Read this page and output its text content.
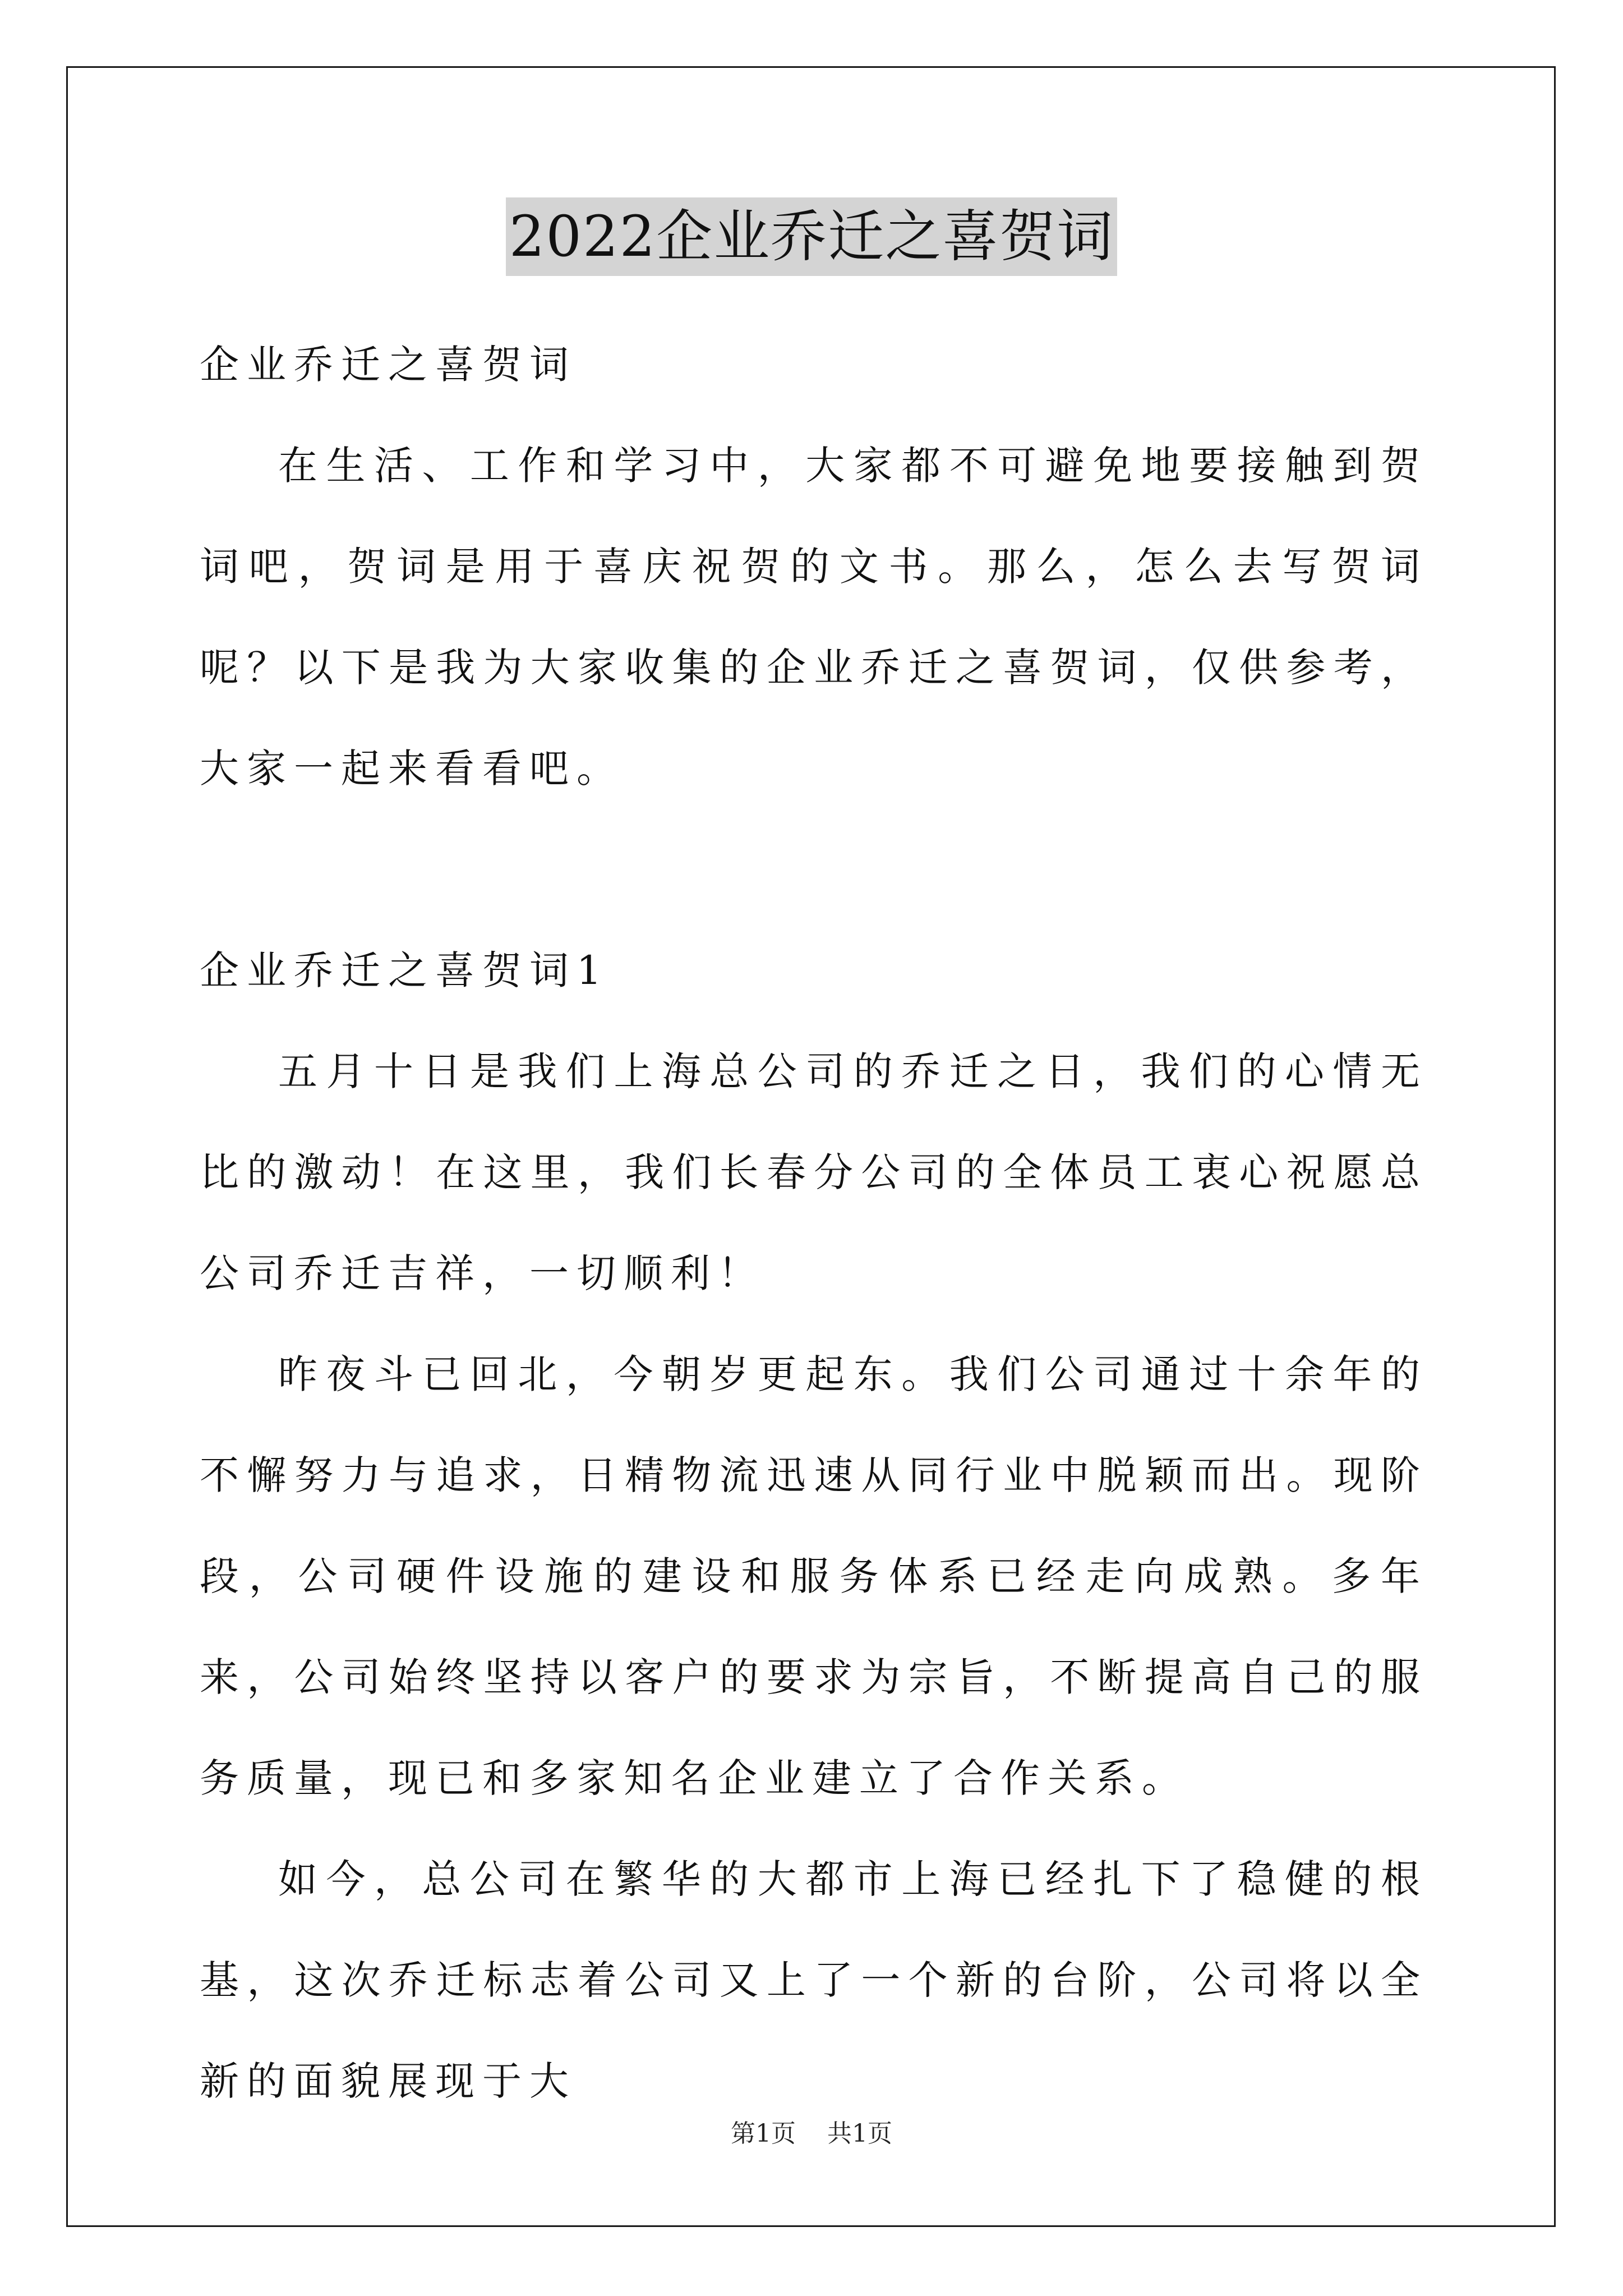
2022企业乔迁之喜贺词

企业乔迁之喜贺词

在生活、工作和学习中，大家都不可避免地要接触到贺词吧，贺词是用于喜庆祝贺的文书。那么，怎么去写贺词呢？以下是我为大家收集的企业乔迁之喜贺词，仅供参考，大家一起来看看吧。

企业乔迁之喜贺词1

五月十日是我们上海总公司的乔迁之日，我们的心情无比的激动！在这里，我们长春分公司的全体员工衷心祝愿总公司乔迁吉祥，一切顺利！

昨夜斗已回北，今朝岁更起东。我们公司通过十余年的不懈努力与追求，日精物流迅速从同行业中脱颖而出。现阶段，公司硬件设施的建设和服务体系已经走向成熟。多年来，公司始终坚持以客户的要求为宗旨，不断提高自己的服务质量，现已和多家知名企业建立了合作关系。

如今，总公司在繁华的大都市上海已经扎下了稳健的根基，这次乔迁标志着公司又上了一个新的台阶，公司将以全新的面貌展现于大

第1页 共1页
